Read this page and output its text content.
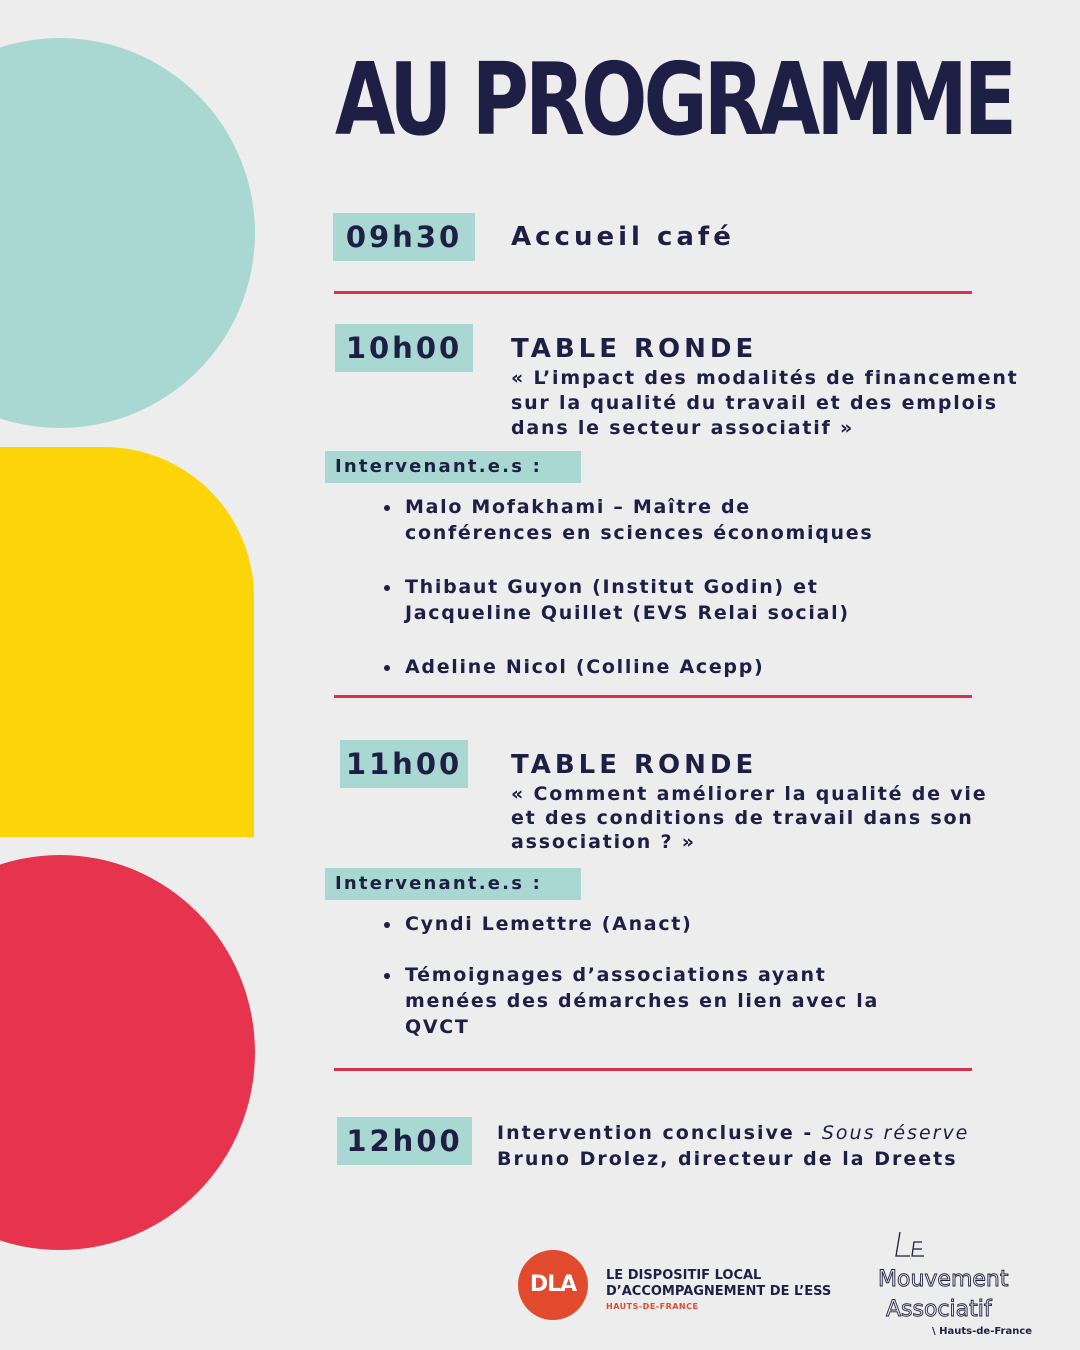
AU PROGRAMME
09h30	Accueil café
10h00	TABLE RONDE
« L’impact des modalités de financement
sur la qualité du travail et des emplois
dans le secteur associatif »
Intervenant.e.s :
Malo Mofakhami – Maître de
conférences en sciences économiques
Thibaut Guyon (Institut Godin) et
Jacqueline Quillet (EVS Relai social)
Adeline Nicol (Colline Acepp)
11h00 TABLE RONDE
« Comment améliorer la qualité de vie
et des conditions de travail dans son
association ? »
Intervenant.e.s :
Cyndi Lemettre (Anact)
Témoignages d’associations ayant
menées des démarches en lien avec la
QVCT
12h00	Intervention conclusive - Sous réserve
Bruno Drolez, directeur de la Dreets
DLA	LE DISPOSITIF LOCAL
D’ACCOMPAGNEMENT DE L’ESS
HAUTS-DE-FRANCE
Mouvement
Associatif
Le
\ Hauts-de-France
